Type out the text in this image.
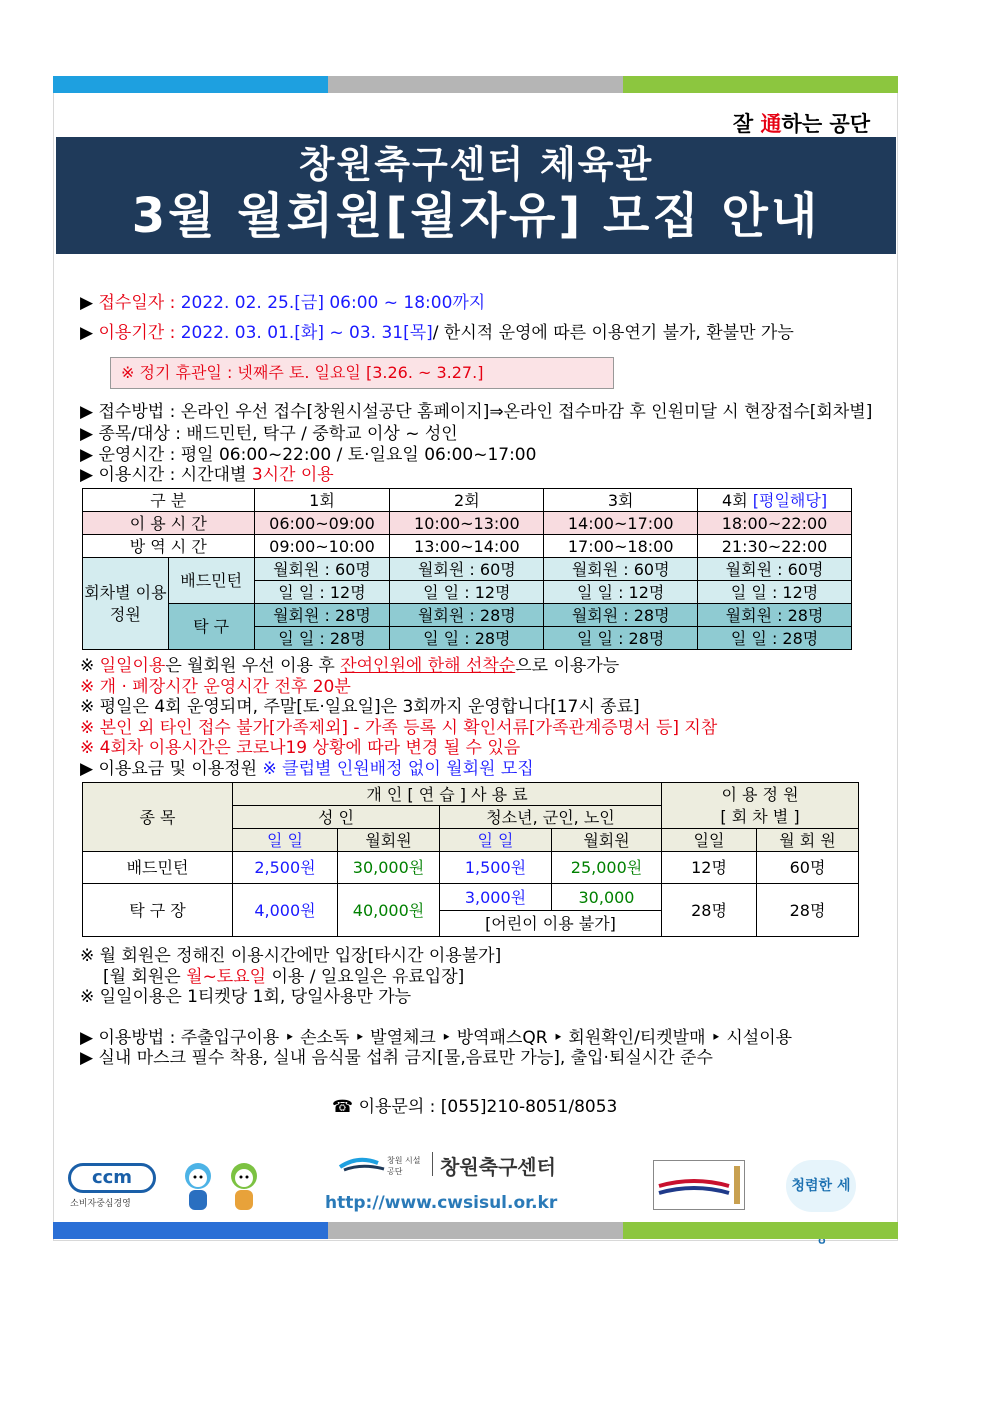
잘 通하는 공단
창원축구센터 체육관
3월 월회원[월자유] 모집 안내
▶ 접수일자 : 2022. 02. 25.[금] 06:00 ~ 18:00까지
▶ 이용기간 : 2022. 03. 01.[화] ~ 03. 31[목]/ 한시적 운영에 따른 이용연기 불가, 환불만 가능
※ 정기 휴관일 : 넷째주 토. 일요일 [3.26. ~ 3.27.]
▶ 접수방법 : 온라인 우선 접수[창원시설공단 홈페이지]⇒온라인 접수마감 후 인원미달 시 현장접수[회차별]
▶ 종목/대상 : 배드민턴, 탁구 / 중학교 이상 ~ 성인
▶ 운영시간 : 평일 06:00~22:00 / 토·일요일 06:00~17:00
▶ 이용시간 : 시간대별 3시간 이용
구 분		1회	2회	3회	4회 [평일해당]
이 용 시 간		06:00~09:00	10:00~13:00	14:00~17:00	18:00~22:00
방 역 시 간		09:00~10:00	13:00~14:00	17:00~18:00	21:30~22:00
회차별 이용정원	배드민턴	월회원 : 60명	월회원 : 60명	월회원 : 60명	월회원 : 60명
		일 일 : 12명	일 일 : 12명	일 일 : 12명	일 일 : 12명
	탁 구	월회원 : 28명	월회원 : 28명	월회원 : 28명	월회원 : 28명
		일 일 : 28명	일 일 : 28명	일 일 : 28명	일 일 : 28명
※ 일일이용은 월회원 우선 이용 후 잔여인원에 한해 선착순으로 이용가능
※ 개 · 폐장시간 운영시간 전후 20분
※ 평일은 4회 운영되며, 주말[토·일요일]은 3회까지 운영합니다[17시 종료]
※ 본인 외 타인 접수 불가[가족제외] - 가족 등록 시 확인서류[가족관계증명서 등] 지참
※ 4회차 이용시간은 코로나19 상황에 따라 변경 될 수 있음
▶ 이용요금 및 이용정원 ※ 클럽별 인원배정 없이 월회원 모집
종 목	개 인 [ 연 습 ] 사 용 료				이 용 정 원
[ 회 차 별 ]	
	성 인		청소년, 군인, 노인			
	일 일	월회원	일 일	월회원	일일	월 회 원
배드민턴	2,500원	30,000원	1,500원	25,000원	12명	60명
탁 구 장	4,000원	40,000원	3,000원	30,000	28명	28명
			[어린이 이용 불가]			
※ 월 회원은 정해진 이용시간에만 입장[타시간 이용불가]
[월 회원은 월~토요일 이용 / 일요일은 유료입장]
※ 일일이용은 1티켓당 1회, 당일사용만 가능
▶ 이용방법 : 주출입구이용 ‣ 손소독 ‣ 발열체크 ‣ 방역패스QR ‣ 회원확인/티켓발매 ‣ 시설이용
▶ 실내 마스크 필수 착용, 실내 음식물 섭취 금지[물,음료만 가능], 출입·퇴실시간 준수
☎ 이용문의 : [055]210-8051/8053
ccm
소비자중심경영
창원 시설공단	창원축구센터
http://www.cwsisul.or.kr
청렴한 세
